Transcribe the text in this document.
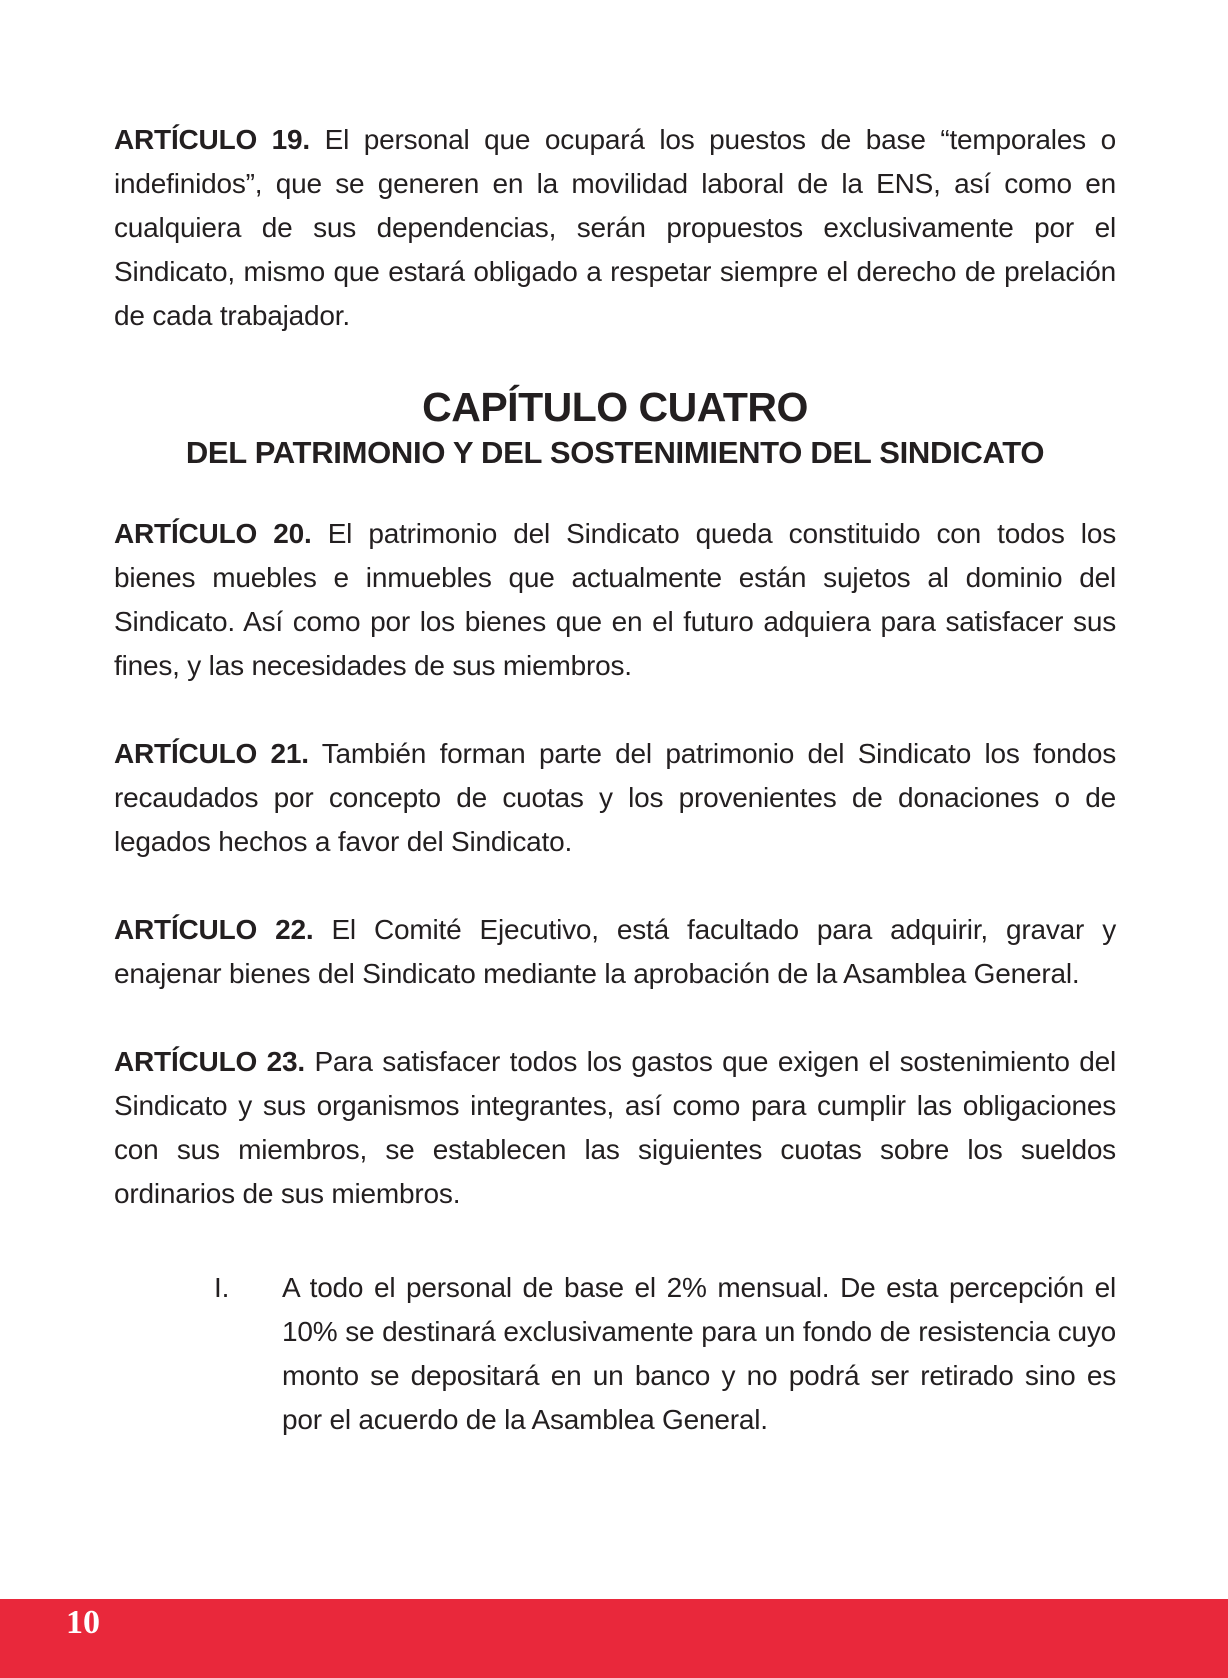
ARTÍCULO 19. El personal que ocupará los puestos de base “temporales o indefinidos”, que se generen en la movilidad laboral de la ENS, así como en cualquiera de sus dependencias, serán propuestos exclusivamente por el Sindicato, mismo que estará obligado a respetar siempre el derecho de prelación de cada trabajador.

CAPÍTULO CUATRO
DEL PATRIMONIO Y DEL SOSTENIMIENTO DEL SINDICATO

ARTÍCULO 20. El patrimonio del Sindicato queda constituido con todos los bienes muebles e inmuebles que actualmente están sujetos al dominio del Sindicato. Así como por los bienes que en el futuro adquiera para satisfacer sus fines, y las necesidades de sus miembros.

ARTÍCULO 21. También forman parte del patrimonio del Sindicato los fondos recaudados por concepto de cuotas y los provenientes de donaciones o de legados hechos a favor del Sindicato.

ARTÍCULO 22. El Comité Ejecutivo, está facultado para adquirir, gravar y enajenar bienes del Sindicato mediante la aprobación de la Asamblea General.

ARTÍCULO 23. Para satisfacer todos los gastos que exigen el sostenimiento del Sindicato y sus organismos integrantes, así como para cumplir las obligaciones con sus miembros, se establecen las siguientes cuotas sobre los sueldos ordinarios de sus miembros.

I.	A todo el personal de base el 2% mensual. De esta percepción el 10% se destinará exclusivamente para un fondo de resistencia cuyo monto se depositará en un banco y no podrá ser retirado sino es por el acuerdo de la Asamblea General.
10
